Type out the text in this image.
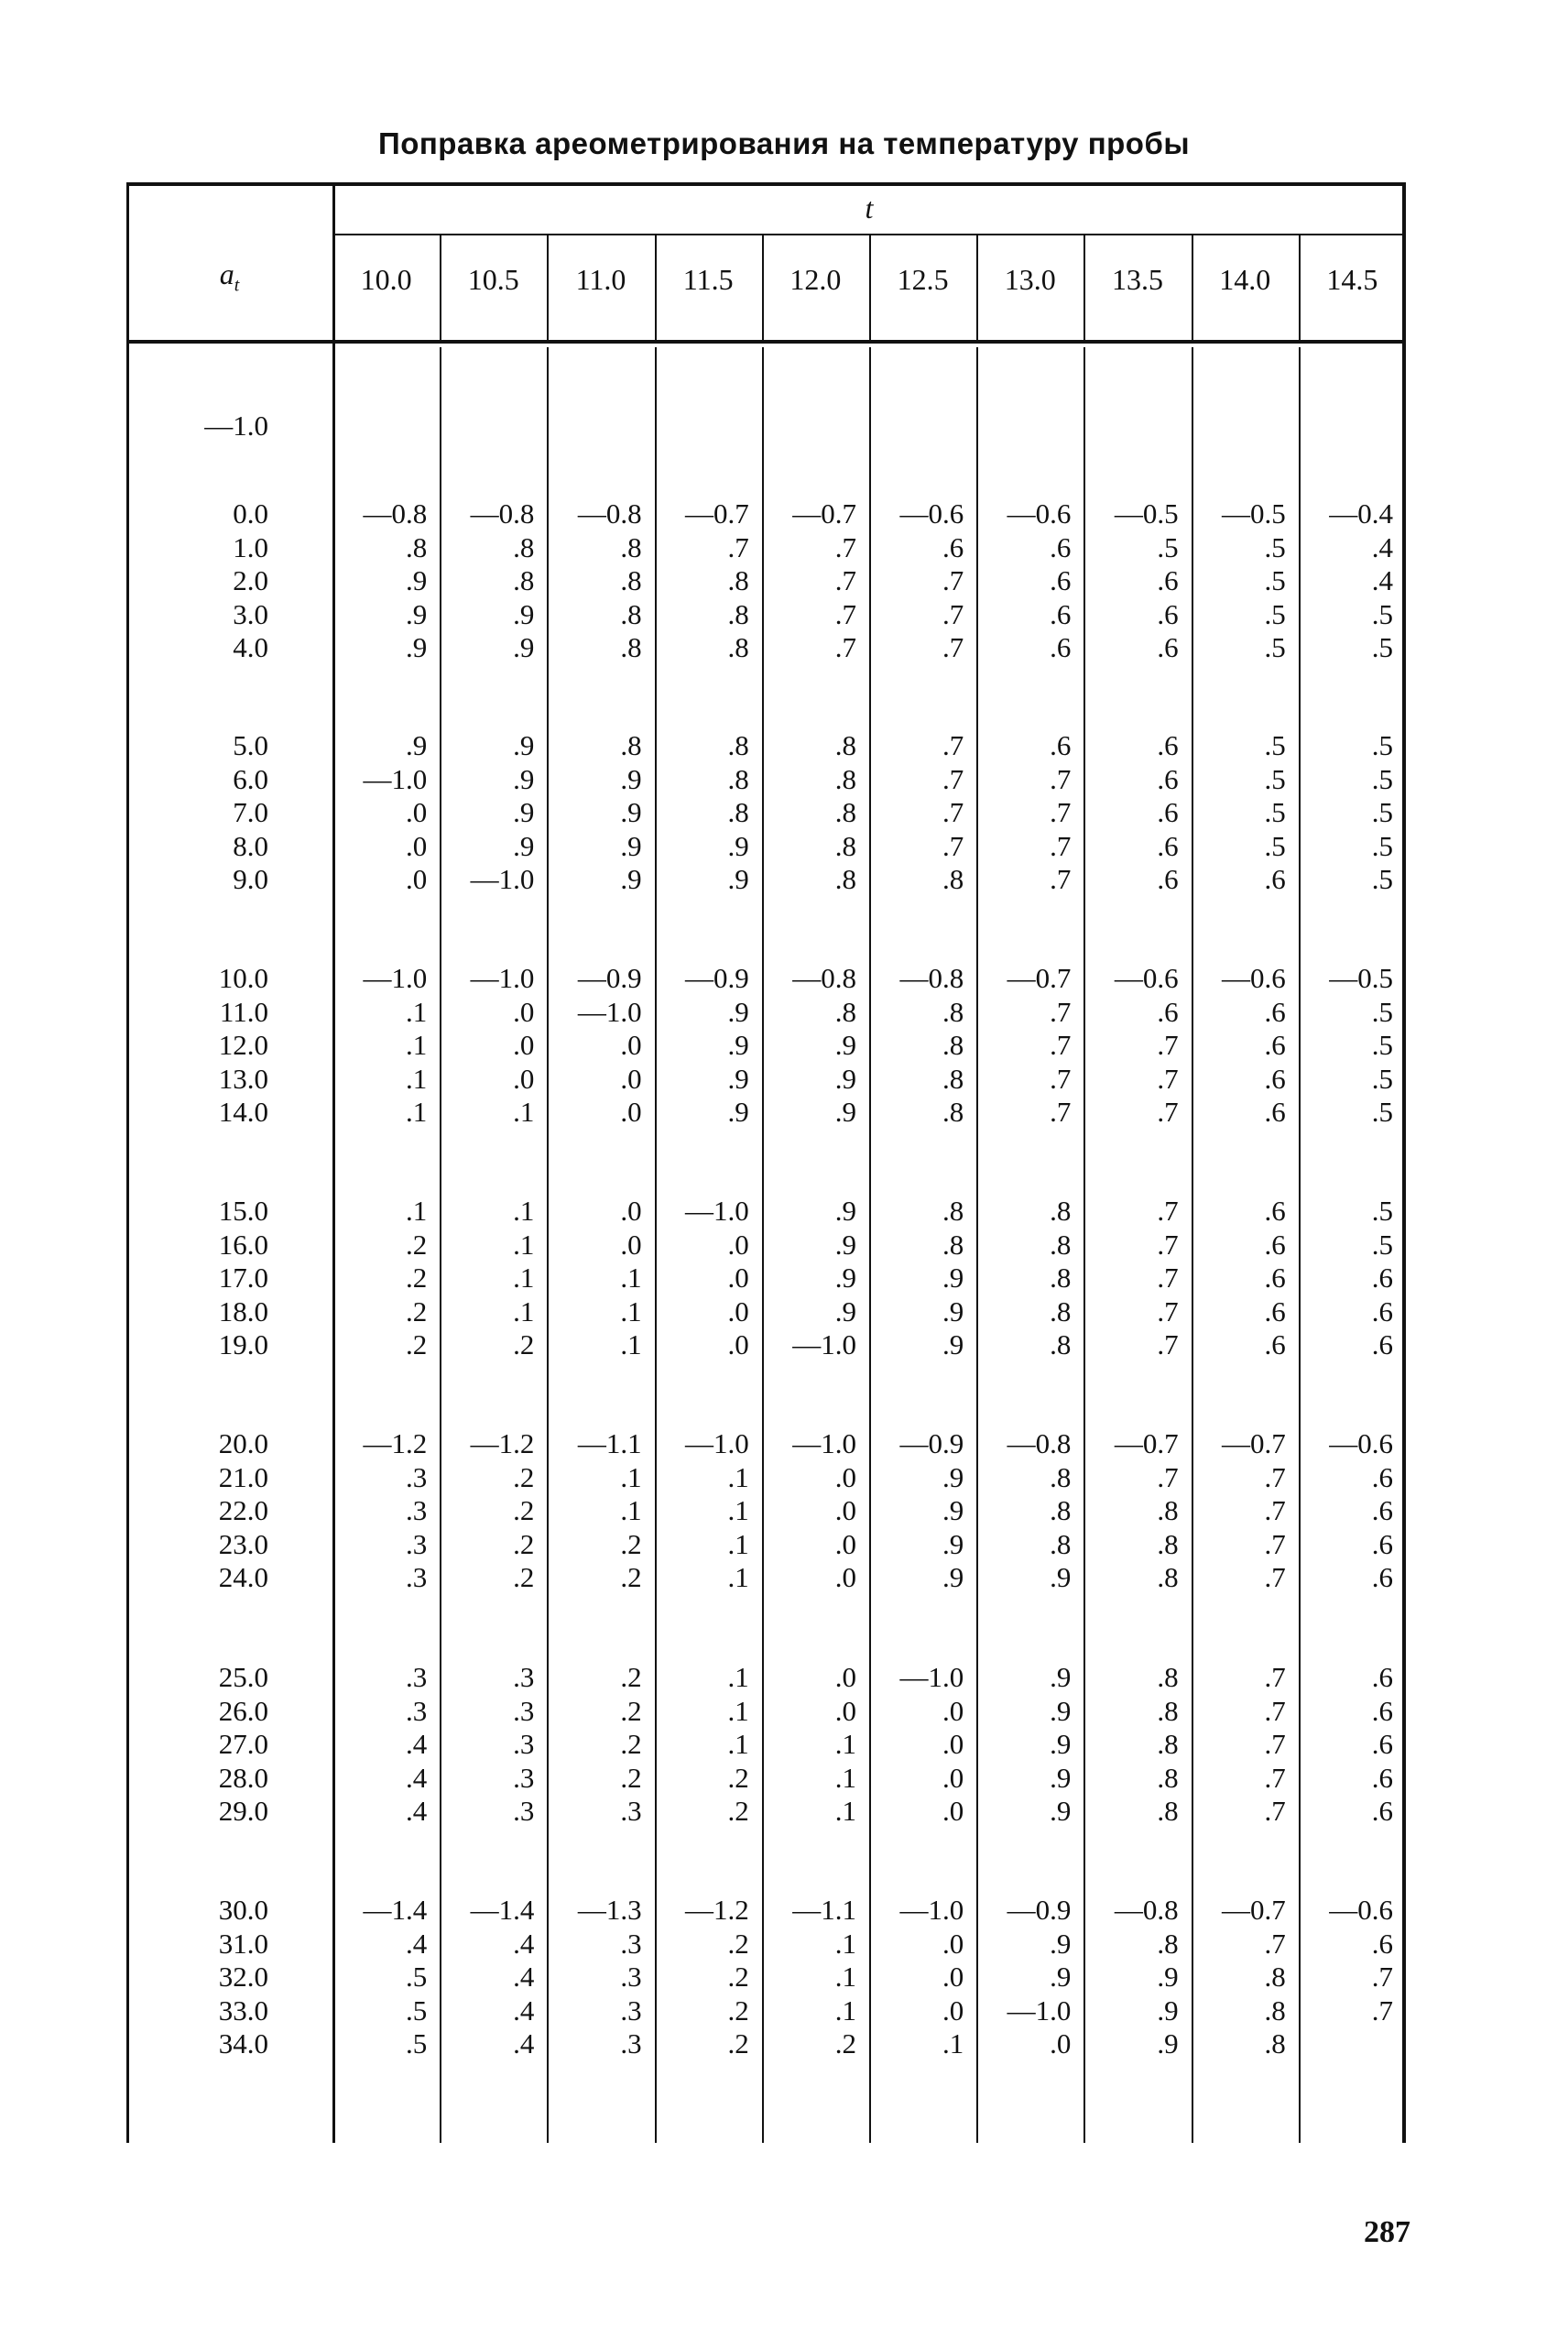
Поправка ареометрирования на температуру пробы
$a_t$
t
10.0	10.5	11.0	11.5	12.0	12.5	13.0	13.5	14.0	14.5
—1.0
0.0	—0.8	—0.8	—0.8	—0.7	—0.7	—0.6	—0.6	—0.5	—0.5	—0.4
1.0	.8	.8	.8	.7	.7	.6	.6	.5	.5	.4
2.0	.9	.8	.8	.8	.7	.7	.6	.6	.5	.4
3.0	.9	.9	.8	.8	.7	.7	.6	.6	.5	.5
4.0	.9	.9	.8	.8	.7	.7	.6	.6	.5	.5
5.0	.9	.9	.8	.8	.8	.7	.6	.6	.5	.5
6.0	—1.0	.9	.9	.8	.8	.7	.7	.6	.5	.5
7.0	.0	.9	.9	.8	.8	.7	.7	.6	.5	.5
8.0	.0	.9	.9	.9	.8	.7	.7	.6	.5	.5
9.0	.0	—1.0	.9	.9	.8	.8	.7	.6	.6	.5
10.0	—1.0	—1.0	—0.9	—0.9	—0.8	—0.8	—0.7	—0.6	—0.6	—0.5
11.0	.1	.0	—1.0	.9	.8	.8	.7	.6	.6	.5
12.0	.1	.0	.0	.9	.9	.8	.7	.7	.6	.5
13.0	.1	.0	.0	.9	.9	.8	.7	.7	.6	.5
14.0	.1	.1	.0	.9	.9	.8	.7	.7	.6	.5
15.0	.1	.1	.0	—1.0	.9	.8	.8	.7	.6	.5
16.0	.2	.1	.0	.0	.9	.8	.8	.7	.6	.5
17.0	.2	.1	.1	.0	.9	.9	.8	.7	.6	.6
18.0	.2	.1	.1	.0	.9	.9	.8	.7	.6	.6
19.0	.2	.2	.1	.0	—1.0	.9	.8	.7	.6	.6
20.0	—1.2	—1.2	—1.1	—1.0	—1.0	—0.9	—0.8	—0.7	—0.7	—0.6
21.0	.3	.2	.1	.1	.0	.9	.8	.7	.7	.6
22.0	.3	.2	.1	.1	.0	.9	.8	.8	.7	.6
23.0	.3	.2	.2	.1	.0	.9	.8	.8	.7	.6
24.0	.3	.2	.2	.1	.0	.9	.9	.8	.7	.6
25.0	.3	.3	.2	.1	.0	—1.0	.9	.8	.7	.6
26.0	.3	.3	.2	.1	.0	.0	.9	.8	.7	.6
27.0	.4	.3	.2	.1	.1	.0	.9	.8	.7	.6
28.0	.4	.3	.2	.2	.1	.0	.9	.8	.7	.6
29.0	.4	.3	.3	.2	.1	.0	.9	.8	.7	.6
30.0	—1.4	—1.4	—1.3	—1.2	—1.1	—1.0	—0.9	—0.8	—0.7	—0.6
31.0	.4	.4	.3	.2	.1	.0	.9	.8	.7	.6
32.0	.5	.4	.3	.2	.1	.0	.9	.9	.8	.7
33.0	.5	.4	.3	.2	.1	.0	—1.0	.9	.8	.7
34.0	.5	.4	.3	.2	.2	.1	.0	.9	.8
287
